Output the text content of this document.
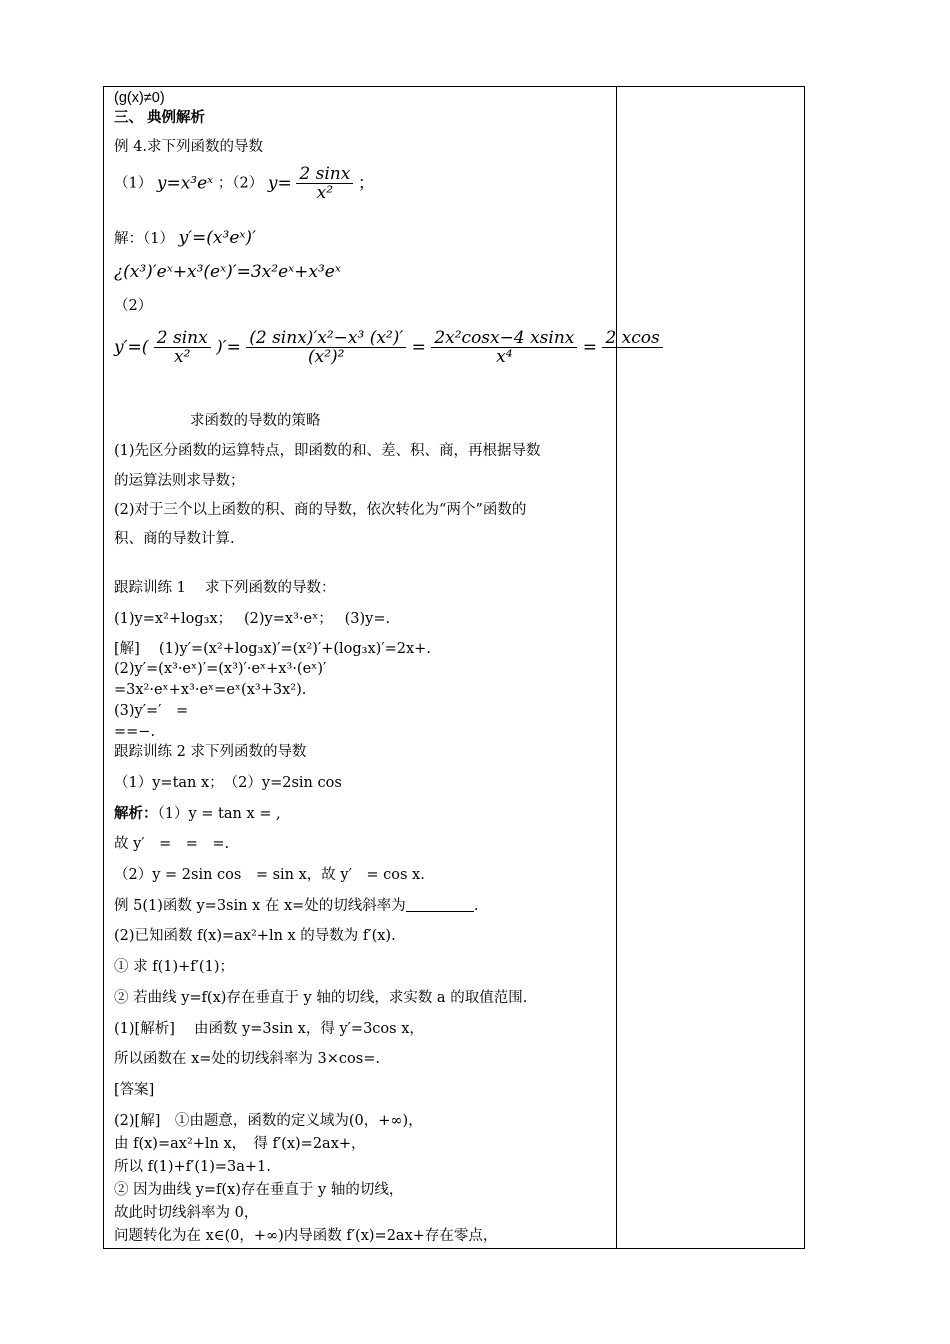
(g(x)≠0)
三、 典例解析
例 4.求下列函数的导数
（1） y=x³eˣ ；（2） $y= \frac{2 \sin x}{\text{x²}}$ ；
解：（1） y′=(x³eˣ)′
¿(x³)′eˣ+x³(eˣ)′=3x²eˣ+x³eˣ
（2）
$y'=( \frac{2 \sin x}{\text{x²}}$ )′= $\frac{\text{(2 sinx)′x²−x³ (x²)′}}{\text{(x²)²}} = \frac{\text{2x²cosx−4 xsinx}}{\text{x⁴}} = 2$ xcos

求函数的导数的策略
(1)先区分函数的运算特点，即函数的和、差、积、商，再根据导数
的运算法则求导数；
(2)对于三个以上函数的积、商的导数，依次转化为“两个”函数的
积、商的导数计算.
跟踪训练 1　 求下列函数的导数：
(1)y=x²+log₃x；　 (2)y=x³·eˣ；　 (3)y=.
[解]　 (1)y′=(x²+log₃x)′=(x²)′+(log₃x)′=2x+.
(2)y′=(x³·eˣ)′=(x³)′·eˣ+x³·(eˣ)′
=3x²·eˣ+x³·eˣ=eˣ(x³+3x²).
(3)y′=′　=
==−.
跟踪训练 2 求下列函数的导数
（1）y=tan x；　（2）y=2sin cos
解析：（1）y = tan x = ,
故 y′　=　=　=.
（2）y = 2sin cos　= sin x，故 y′　= cos x.
例 5(1)函数 y=3sin x 在 x=处的切线斜率为	.
(2)已知函数 f(x)=ax²+ln x 的导数为 f′(x).
① 求 f(1)+f′(1)；
② 若曲线 y=f(x)存在垂直于 y 轴的切线，求实数 a 的取值范围.
(1)[解析]　 由函数 y=3sin x，得 y′=3cos x，
所以函数在 x=处的切线斜率为 3×cos=.
[答案]
(2)[解]　①由题意，函数的定义域为(0，+∞)，
由 f(x)=ax²+ln x，　得 f′(x)=2ax+，
所以 f(1)+f′(1)=3a+1.
② 因为曲线 y=f(x)存在垂直于 y 轴的切线，
故此时切线斜率为 0，
问题转化为在 x∈(0，+∞)内导函数 f′(x)=2ax+存在零点，
